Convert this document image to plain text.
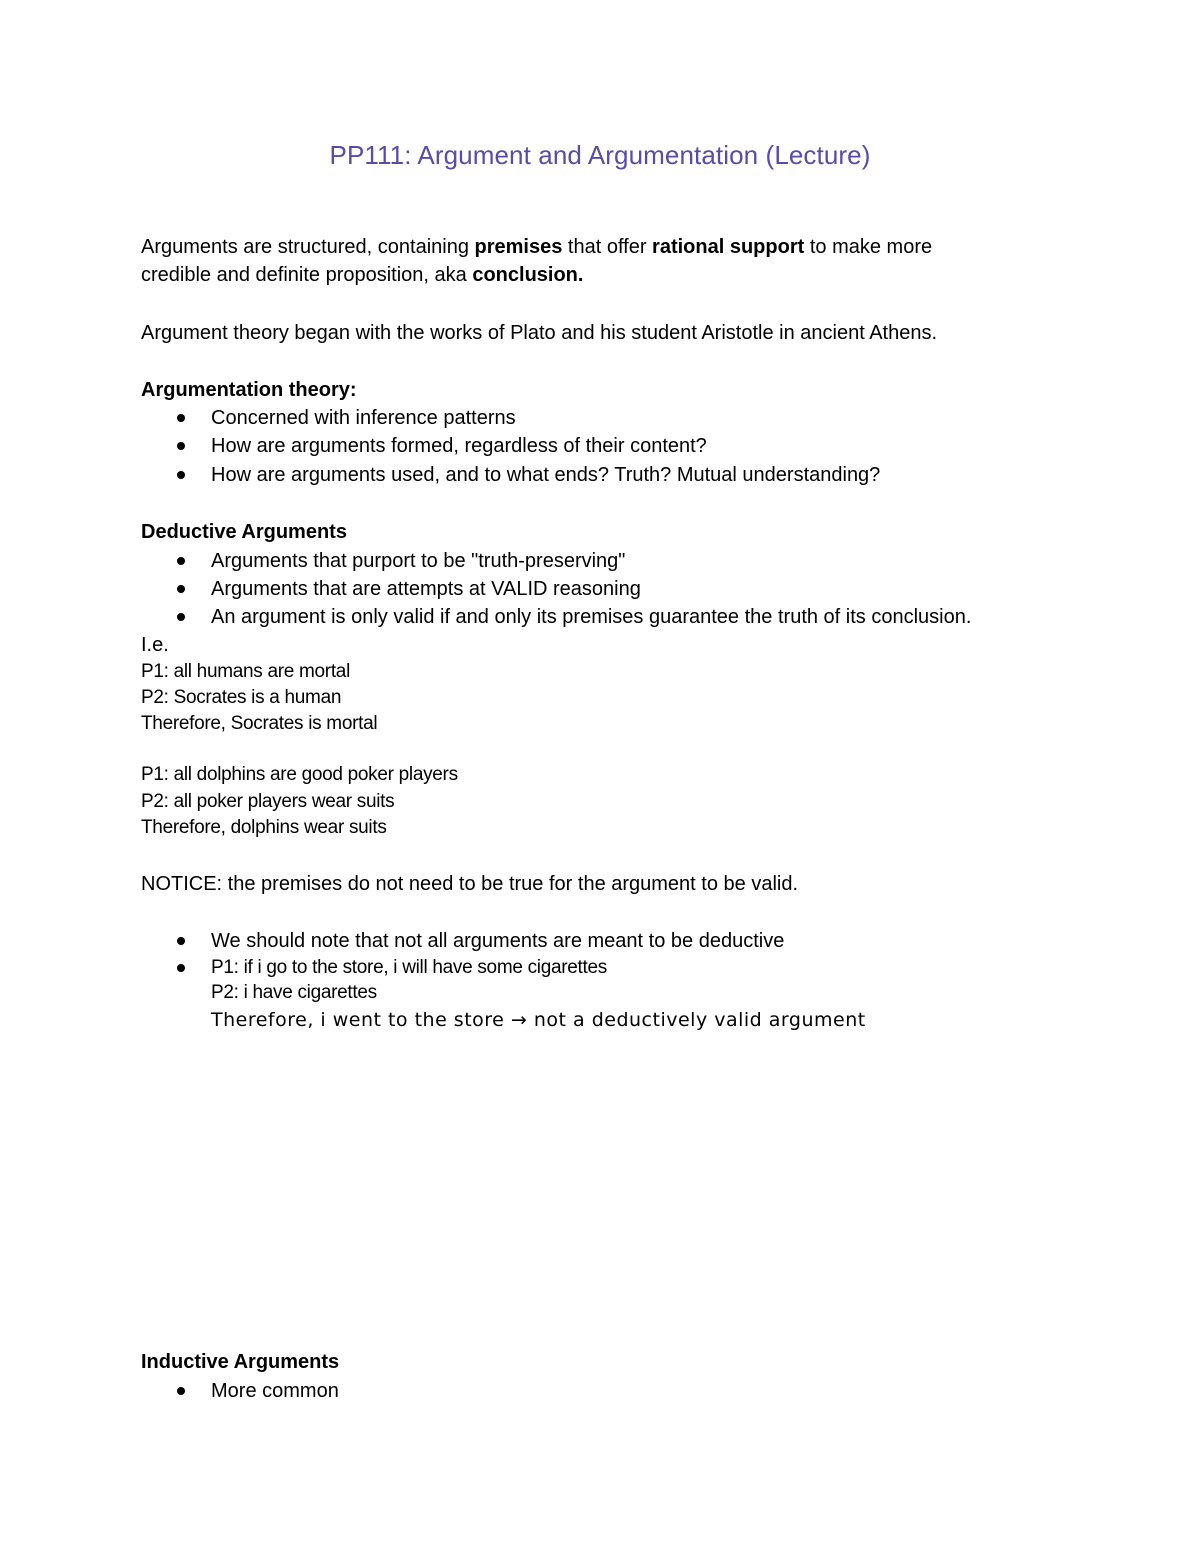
PP111: Argument and Argumentation (Lecture)
Arguments are structured, containing premises that offer rational support to make more
credible and definite proposition, aka conclusion.
Argument theory began with the works of Plato and his student Aristotle in ancient Athens.
Argumentation theory:
Concerned with inference patterns
How are arguments formed, regardless of their content?
How are arguments used, and to what ends? Truth? Mutual understanding?
Deductive Arguments
Arguments that purport to be "truth-preserving"
Arguments that are attempts at VALID reasoning
An argument is only valid if and only its premises guarantee the truth of its conclusion.
I.e.
P1: all humans are mortal
P2: Socrates is a human
Therefore, Socrates is mortal
P1: all dolphins are good poker players
P2: all poker players wear suits
Therefore, dolphins wear suits
NOTICE: the premises do not need to be true for the argument to be valid.
We should note that not all arguments are meant to be deductive
P1: if i go to the store, i will have some cigarettes
P2: i have cigarettes
Therefore, i went to the store → not a deductively valid argument
Inductive Arguments
More common
